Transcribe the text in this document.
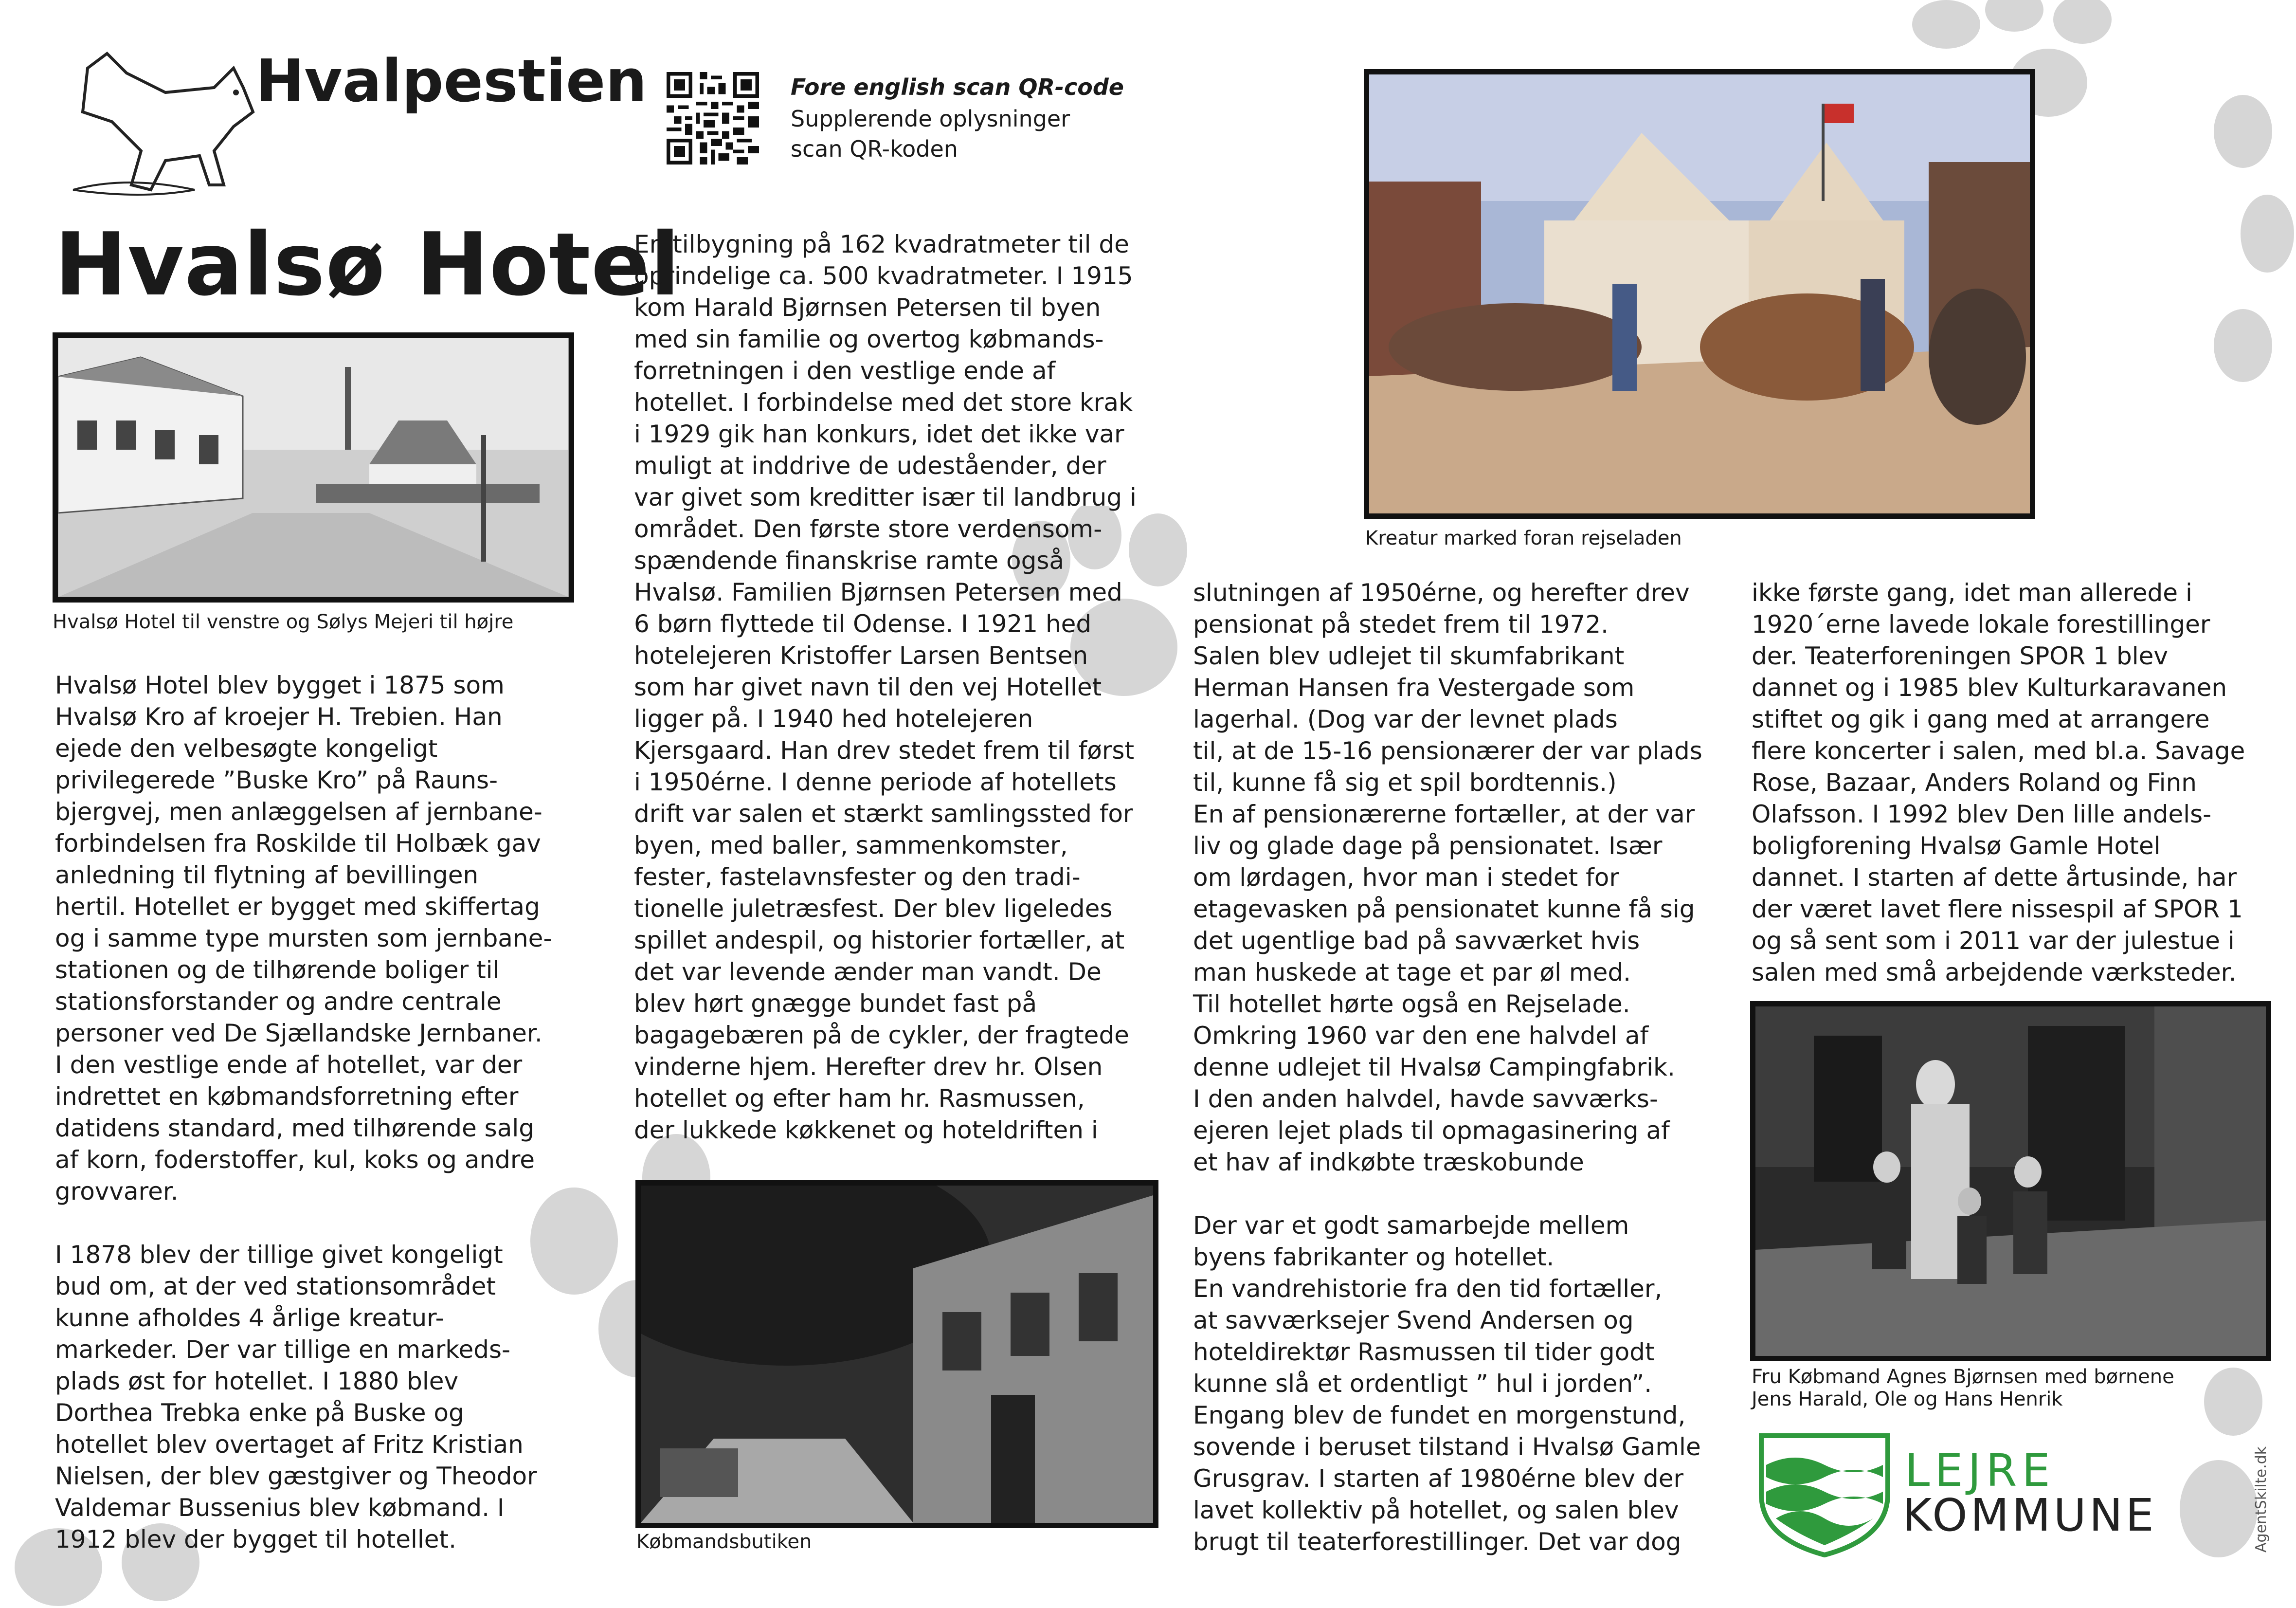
Hvalpestien	Fore english scan QR-code
Supplerende oplysninger
scan QR-koden
Hvalsø Hotel
Hvalsø Hotel til venstre og Sølys Mejeri til højre

Hvalsø Hotel blev bygget i 1875 som
Hvalsø Kro af kroejer H. Trebien. Han
ejede den velbesøgte kongeligt
privilegerede ”Buske Kro” på Rauns-
bjergvej, men anlæggelsen af jernbane-
forbindelsen fra Roskilde til Holbæk gav
anledning til flytning af bevillingen
hertil. Hotellet er bygget med skiffertag
og i samme type mursten som jernbane-
stationen og de tilhørende boliger til
stationsforstander og andre centrale
personer ved De Sjællandske Jernbaner.
I den vestlige ende af hotellet, var der
indrettet en købmandsforretning efter
datidens standard, med tilhørende salg
af korn, foderstoffer, kul, koks og andre
grovvarer.

I 1878 blev der tillige givet kongeligt
bud om, at der ved stationsområdet
kunne afholdes 4 årlige kreatur-
markeder. Der var tillige en markeds-
plads øst for hotellet. I 1880 blev
Dorthea Trebka enke på Buske og
hotellet blev overtaget af Fritz Kristian
Nielsen, der blev gæstgiver og Theodor
Valdemar Bussenius blev købmand. I
1912 blev der bygget til hotellet.

En tilbygning på 162 kvadratmeter til de
oprindelige ca. 500 kvadratmeter. I 1915
kom Harald Bjørnsen Petersen til byen
med sin familie og overtog købmands-
forretningen i den vestlige ende af
hotellet. I forbindelse med det store krak
i 1929 gik han konkurs, idet det ikke var
muligt at inddrive de udeståender, der
var givet som kreditter især til landbrug i
området. Den første store verdensom-
spændende finanskrise ramte også
Hvalsø. Familien Bjørnsen Petersen med
6 børn flyttede til Odense. I 1921 hed
hotelejeren Kristoffer Larsen Bentsen
som har givet navn til den vej Hotellet
ligger på. I 1940 hed hotelejeren
Kjersgaard. Han drev stedet frem til først
i 1950érne. I denne periode af hotellets
drift var salen et stærkt samlingssted for
byen, med baller, sammenkomster,
fester, fastelavnsfester og den tradi-
tionelle juletræsfest. Der blev ligeledes
spillet andespil, og historier fortæller, at
det var levende ænder man vandt. De
blev hørt gnægge bundet fast på
bagagebæren på de cykler, der fragtede
vinderne hjem. Herefter drev hr. Olsen
hotellet og efter ham hr. Rasmussen,
der lukkede køkkenet og hoteldriften i

Købmandsbutiken
Kreatur marked foran rejseladen

slutningen af 1950érne, og herefter drev
pensionat på stedet frem til 1972.
Salen blev udlejet til skumfabrikant
Herman Hansen fra Vestergade som
lagerhal. (Dog var der levnet plads
til, at de 15-16 pensionærer der var plads
til, kunne få sig et spil bordtennis.)
En af pensionærerne fortæller, at der var
liv og glade dage på pensionatet. Især
om lørdagen, hvor man i stedet for
etagevasken på pensionatet kunne få sig
det ugentlige bad på savværket hvis
man huskede at tage et par øl med.
Til hotellet hørte også en Rejselade.
Omkring 1960 var den ene halvdel af
denne udlejet til Hvalsø Campingfabrik.
I den anden halvdel, havde savværks-
ejeren lejet plads til opmagasinering af
et hav af indkøbte træskobunde

Der var et godt samarbejde mellem
byens fabrikanter og hotellet.
En vandrehistorie fra den tid fortæller,
at savværksejer Svend Andersen og
hoteldirektør Rasmussen til tider godt
kunne slå et ordentligt ” hul i jorden”.
Engang blev de fundet en morgenstund,
sovende i beruset tilstand i Hvalsø Gamle
Grusgrav. I starten af 1980érne blev der
lavet kollektiv på hotellet, og salen blev
brugt til teaterforestillinger. Det var dog

ikke første gang, idet man allerede i
1920´erne lavede lokale forestillinger
der. Teaterforeningen SPOR 1 blev
dannet og i 1985 blev Kulturkaravanen
stiftet og gik i gang med at arrangere
flere koncerter i salen, med bl.a. Savage
Rose, Bazaar, Anders Roland og Finn
Olafsson. I 1992 blev Den lille andels-
boligforening Hvalsø Gamle Hotel
dannet. I starten af dette årtusinde, har
der været lavet flere nissespil af SPOR 1
og så sent som i 2011 var der julestue i
salen med små arbejdende værksteder.

Fru Købmand Agnes Bjørnsen med børnene
Jens Harald, Ole og Hans Henrik
LEJRE
KOMMUNE	AgentSkilte.dk
